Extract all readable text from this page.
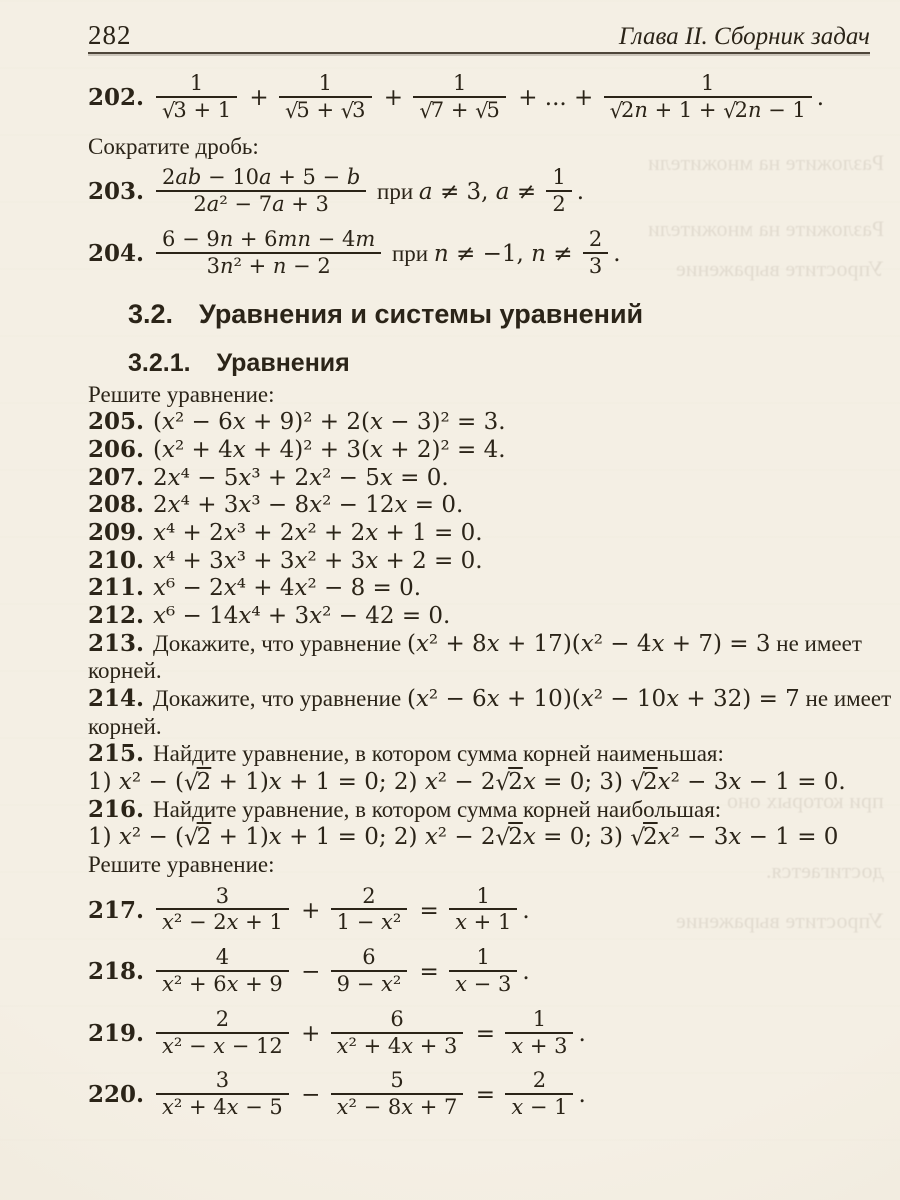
Разложите на множители
Разложите на множители
Упростите выражение
при которых оно
достигается.
Упростите выражение
282	Глава II. Сборник задач
202. $\frac{1}{√3 + 1} + \frac{1}{√5 + √3} + \frac{1}{√7 + √5}$ + ... + $\frac{1}{√2n + 1 + √2n - 1}$ .
Сократите дробь:
203. $\frac{2ab - 10a + 5 - b}{\text{2a² − 7a + 3}}$ при a ≠ 3, $a \ne \frac{1}{2}$ .
204. $\frac{6 - 9n + 6mn - 4m}{\text{3n² + n − 2}}$ при n ≠ −1, $n \ne \frac{2}{3}$ .
3.2. Уравнения и системы уравнений
3.2.1. Уравнения
Решите уравнение:
205. (x² − 6x + 9)² + 2(x − 3)² = 3.
206. (x² + 4x + 4)² + 3(x + 2)² = 4.
207. 2x⁴ − 5x³ + 2x² − 5x = 0.
208. 2x⁴ + 3x³ − 8x² − 12x = 0.
209. x⁴ + 2x³ + 2x² + 2x + 1 = 0.
210. x⁴ + 3x³ + 3x² + 3x + 2 = 0.
211. x⁶ − 2x⁴ + 4x² − 8 = 0.
212. x⁶ − 14x⁴ + 3x² − 42 = 0.
213. Докажите, что уравнение (x² + 8x + 17)(x² − 4x + 7) = 3 не имеет
корней.
214. Докажите, что уравнение (x² − 6x + 10)(x² − 10x + 32) = 7 не имеет
корней.
215. Найдите уравнение, в котором сумма корней наименьшая:
1) x² − (√2 + 1)x + 1 = 0; 2) x² − 2√2x = 0; 3) √2x² − 3x − 1 = 0.
216. Найдите уравнение, в котором сумма корней наибольшая:
1) x² − (√2 + 1)x + 1 = 0; 2) x² − 2√2x = 0; 3) √2x² − 3x − 1 = 0
Решите уравнение:
217. $\frac{3}{\text{x² − 2x + 1}} + \frac{2}{\text{1 − x²}} = \frac{1}{x + 1}$ .
218. $\frac{4}{\text{x² + 6x + 9}} - \frac{6}{\text{9 − x²}} = \frac{1}{x - 3}$ .
219. $\frac{2}{\text{x² − x − 12}} + \frac{6}{\text{x² + 4x + 3}} = \frac{1}{x + 3}$ .
220. $\frac{3}{\text{x² + 4x − 5}} - \frac{5}{\text{x² − 8x + 7}} = \frac{2}{x - 1}$ .
